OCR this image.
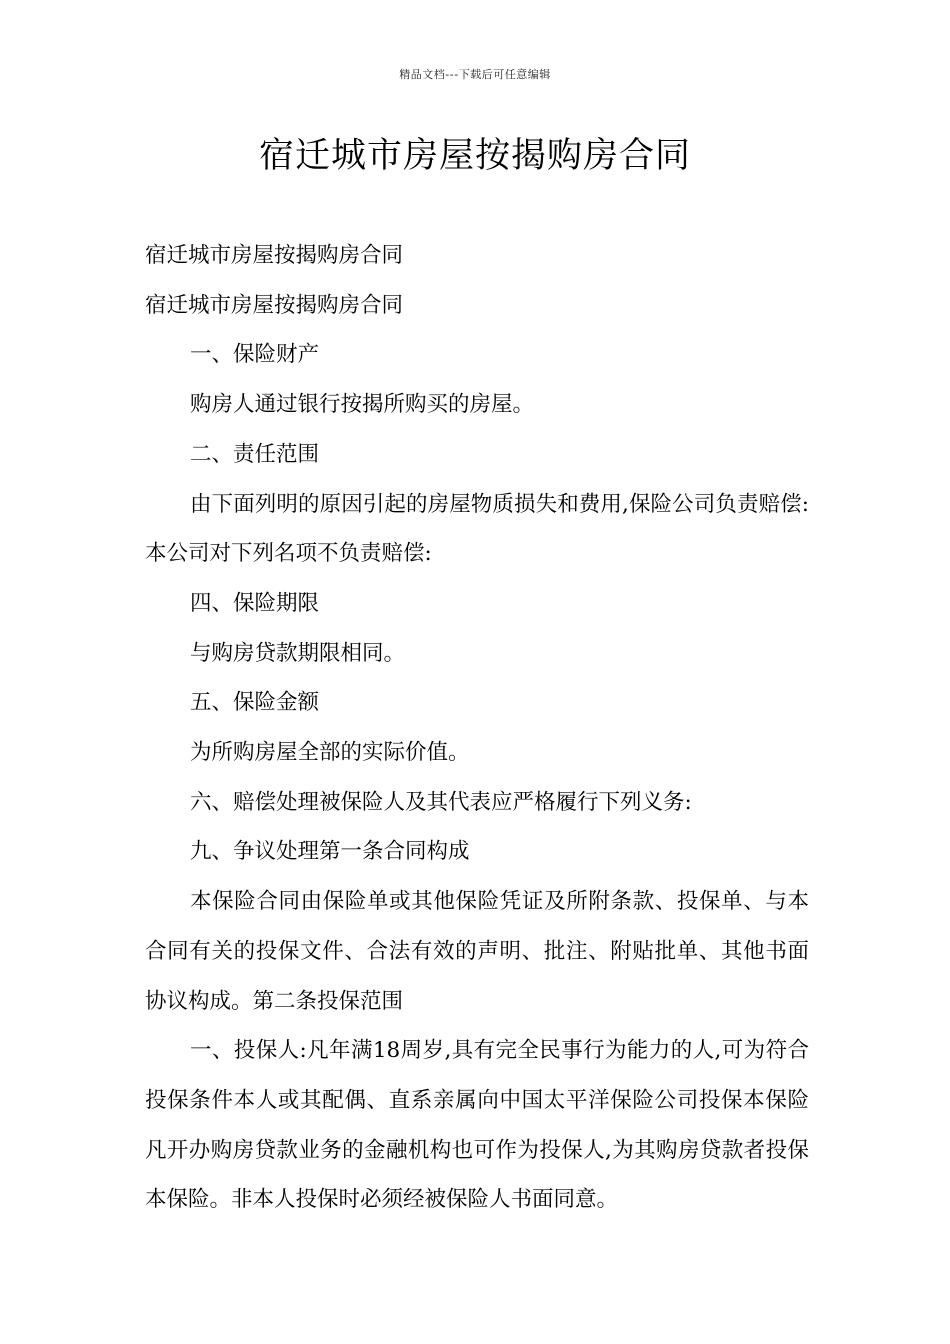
精品文档---下载后可任意编辑
宿迁城市房屋按揭购房合同

宿迁城市房屋按揭购房合同

宿迁城市房屋按揭购房合同

一、保险财产

购房人通过银行按揭所购买的房屋。

二、责任范围

由下面列明的原因引起的房屋物质损失和费用,保险公司负责赔偿:本公司对下列名项不负责赔偿:

四、保险期限

与购房贷款期限相同。

五、保险金额

为所购房屋全部的实际价值。

六、赔偿处理被保险人及其代表应严格履行下列义务:

九、争议处理第一条合同构成

本保险合同由保险单或其他保险凭证及所附条款、投保单、与本合同有关的投保文件、合法有效的声明、批注、附贴批单、其他书面协议构成。第二条投保范围

一、投保人:凡年满18周岁,具有完全民事行为能力的人,可为符合投保条件本人或其配偶、直系亲属向中国太平洋保险公司投保本保险凡开办购房贷款业务的金融机构也可作为投保人,为其购房贷款者投保本保险。非本人投保时必须经被保险人书面同意。
